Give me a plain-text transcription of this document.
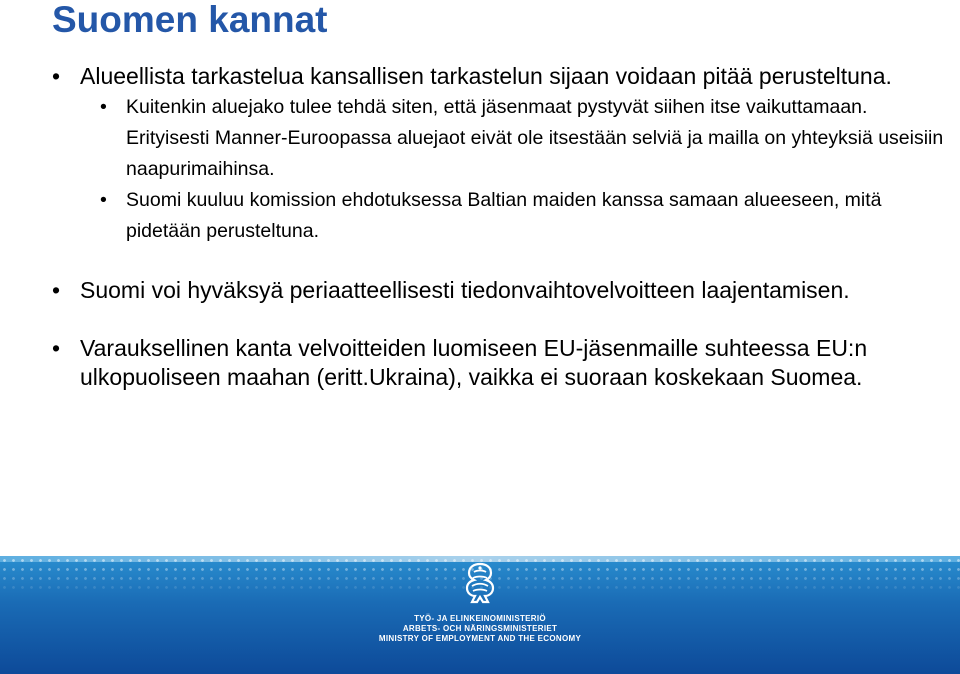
Suomen kannat
• Alueellista tarkastelua kansallisen tarkastelun sijaan voidaan pitää perusteltuna.
• Kuitenkin aluejako tulee tehdä siten, että jäsenmaat pystyvät siihen itse vaikuttamaan. Erityisesti Manner-Euroopassa aluejaot eivät ole itsestään selviä ja mailla on yhteyksiä useisiin naapurimaihinsa.
• Suomi kuuluu komission ehdotuksessa Baltian maiden kanssa samaan alueeseen, mitä pidetään perusteltuna.
• Suomi voi hyväksyä periaatteellisesti tiedonvaihtovelvoitteen laajentamisen.
• Varauksellinen kanta velvoitteiden luomiseen EU-jäsenmaille suhteessa EU:n ulkopuoliseen maahan (eritt.Ukraina), vaikka ei suoraan koskekaan Suomea.
TYÖ- JA ELINKEINOMINISTERIÖ
ARBETS- OCH NÄRINGSMINISTERIET
MINISTRY OF EMPLOYMENT AND THE ECONOMY
